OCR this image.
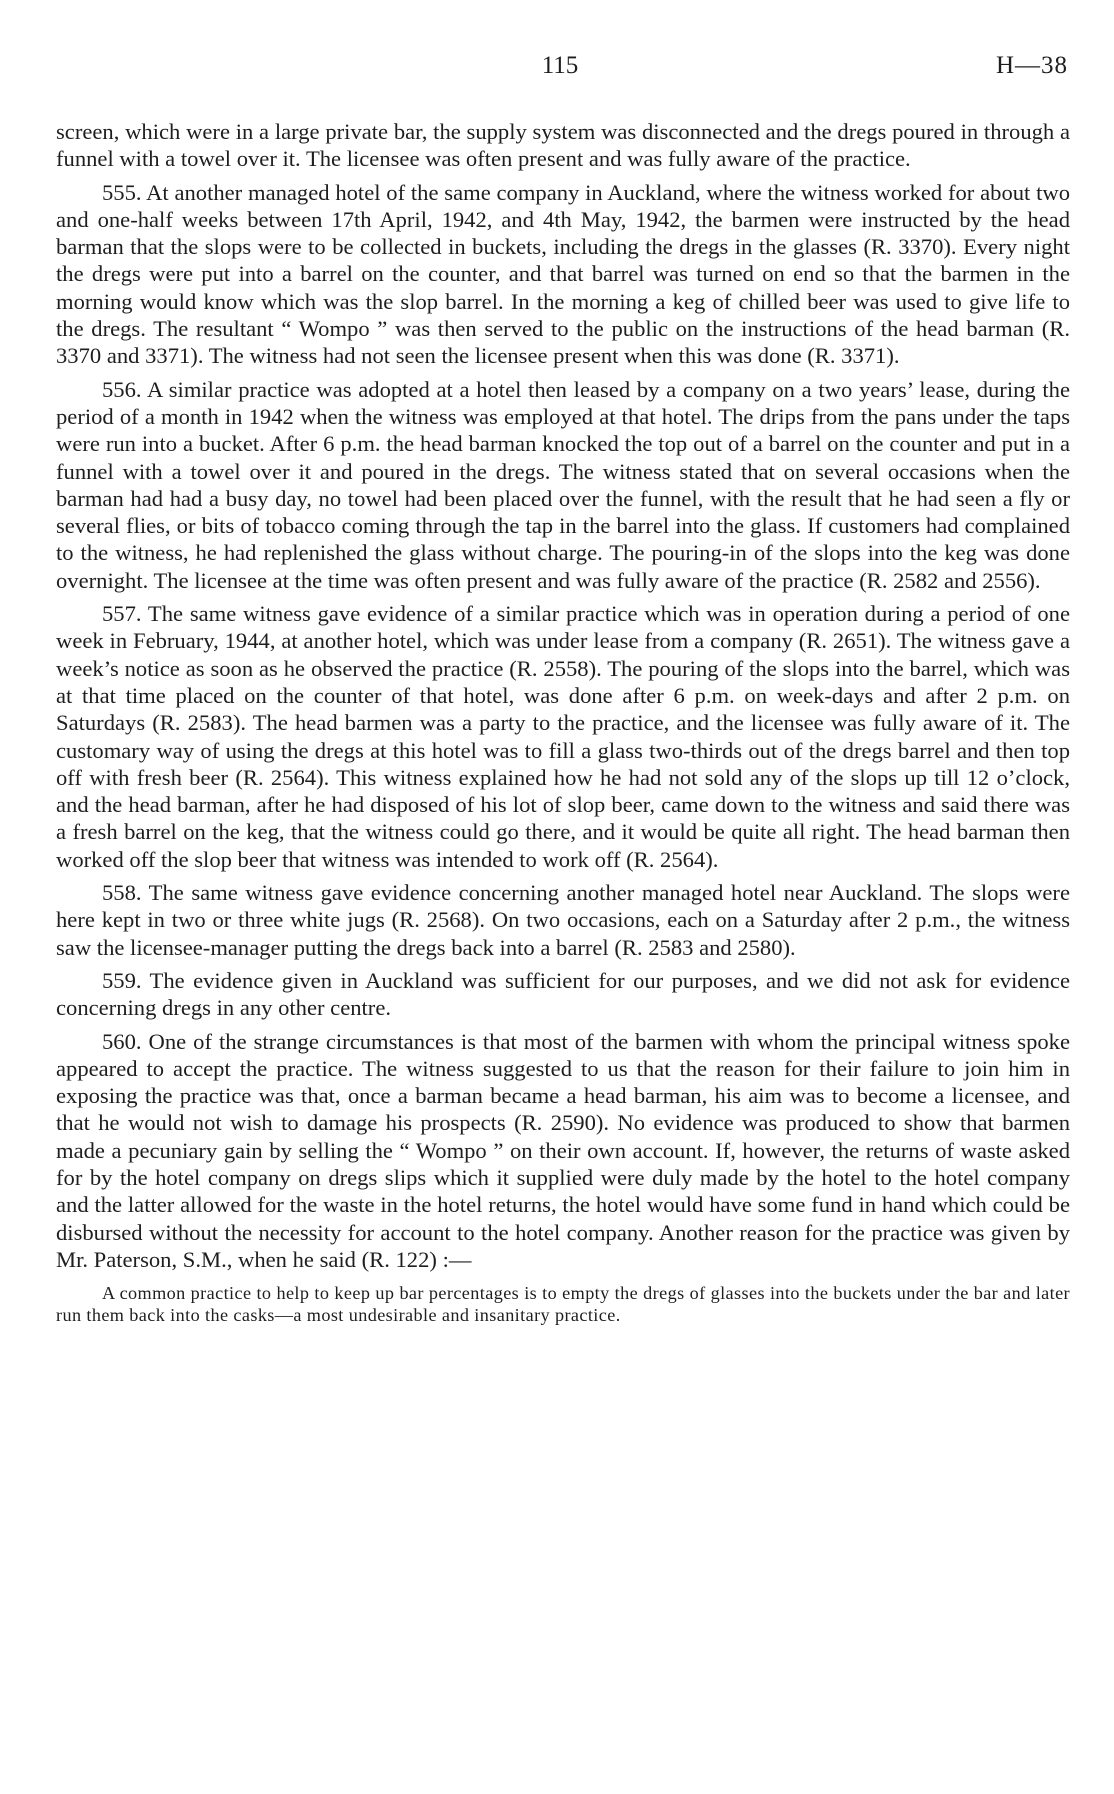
115	H—38

screen, which were in a large private bar, the supply system was disconnected and the dregs poured in through a funnel with a towel over it. The licensee was often present and was fully aware of the practice.

555. At another managed hotel of the same company in Auckland, where the witness worked for about two and one-half weeks between 17th April, 1942, and 4th May, 1942, the barmen were instructed by the head barman that the slops were to be collected in buckets, including the dregs in the glasses (R. 3370). Every night the dregs were put into a barrel on the counter, and that barrel was turned on end so that the barmen in the morning would know which was the slop barrel. In the morning a keg of chilled beer was used to give life to the dregs. The resultant “ Wompo ” was then served to the public on the instructions of the head barman (R. 3370 and 3371). The witness had not seen the licensee present when this was done (R. 3371).

556. A similar practice was adopted at a hotel then leased by a company on a two years’ lease, during the period of a month in 1942 when the witness was employed at that hotel. The drips from the pans under the taps were run into a bucket. After 6 p.m. the head barman knocked the top out of a barrel on the counter and put in a funnel with a towel over it and poured in the dregs. The witness stated that on several occasions when the barman had had a busy day, no towel had been placed over the funnel, with the result that he had seen a fly or several flies, or bits of tobacco coming through the tap in the barrel into the glass. If customers had complained to the witness, he had replenished the glass without charge. The pouring-in of the slops into the keg was done overnight. The licensee at the time was often present and was fully aware of the practice (R. 2582 and 2556).

557. The same witness gave evidence of a similar practice which was in operation during a period of one week in February, 1944, at another hotel, which was under lease from a company (R. 2651). The witness gave a week’s notice as soon as he observed the practice (R. 2558). The pouring of the slops into the barrel, which was at that time placed on the counter of that hotel, was done after 6 p.m. on week-days and after 2 p.m. on Saturdays (R. 2583). The head barmen was a party to the practice, and the licensee was fully aware of it. The customary way of using the dregs at this hotel was to fill a glass two-thirds out of the dregs barrel and then top off with fresh beer (R. 2564). This witness explained how he had not sold any of the slops up till 12 o’clock, and the head barman, after he had disposed of his lot of slop beer, came down to the witness and said there was a fresh barrel on the keg, that the witness could go there, and it would be quite all right. The head barman then worked off the slop beer that witness was intended to work off (R. 2564).

558. The same witness gave evidence concerning another managed hotel near Auckland. The slops were here kept in two or three white jugs (R. 2568). On two occasions, each on a Saturday after 2 p.m., the witness saw the licensee-manager putting the dregs back into a barrel (R. 2583 and 2580).

559. The evidence given in Auckland was sufficient for our purposes, and we did not ask for evidence concerning dregs in any other centre.

560. One of the strange circumstances is that most of the barmen with whom the principal witness spoke appeared to accept the practice. The witness suggested to us that the reason for their failure to join him in exposing the practice was that, once a barman became a head barman, his aim was to become a licensee, and that he would not wish to damage his prospects (R. 2590). No evidence was produced to show that barmen made a pecuniary gain by selling the “ Wompo ” on their own account. If, however, the returns of waste asked for by the hotel company on dregs slips which it supplied were duly made by the hotel to the hotel company and the latter allowed for the waste in the hotel returns, the hotel would have some fund in hand which could be disbursed without the necessity for account to the hotel company. Another reason for the practice was given by Mr. Paterson, S.M., when he said (R. 122) :—

A common practice to help to keep up bar percentages is to empty the dregs of glasses into the buckets under the bar and later run them back into the casks—a most undesirable and insanitary practice.
